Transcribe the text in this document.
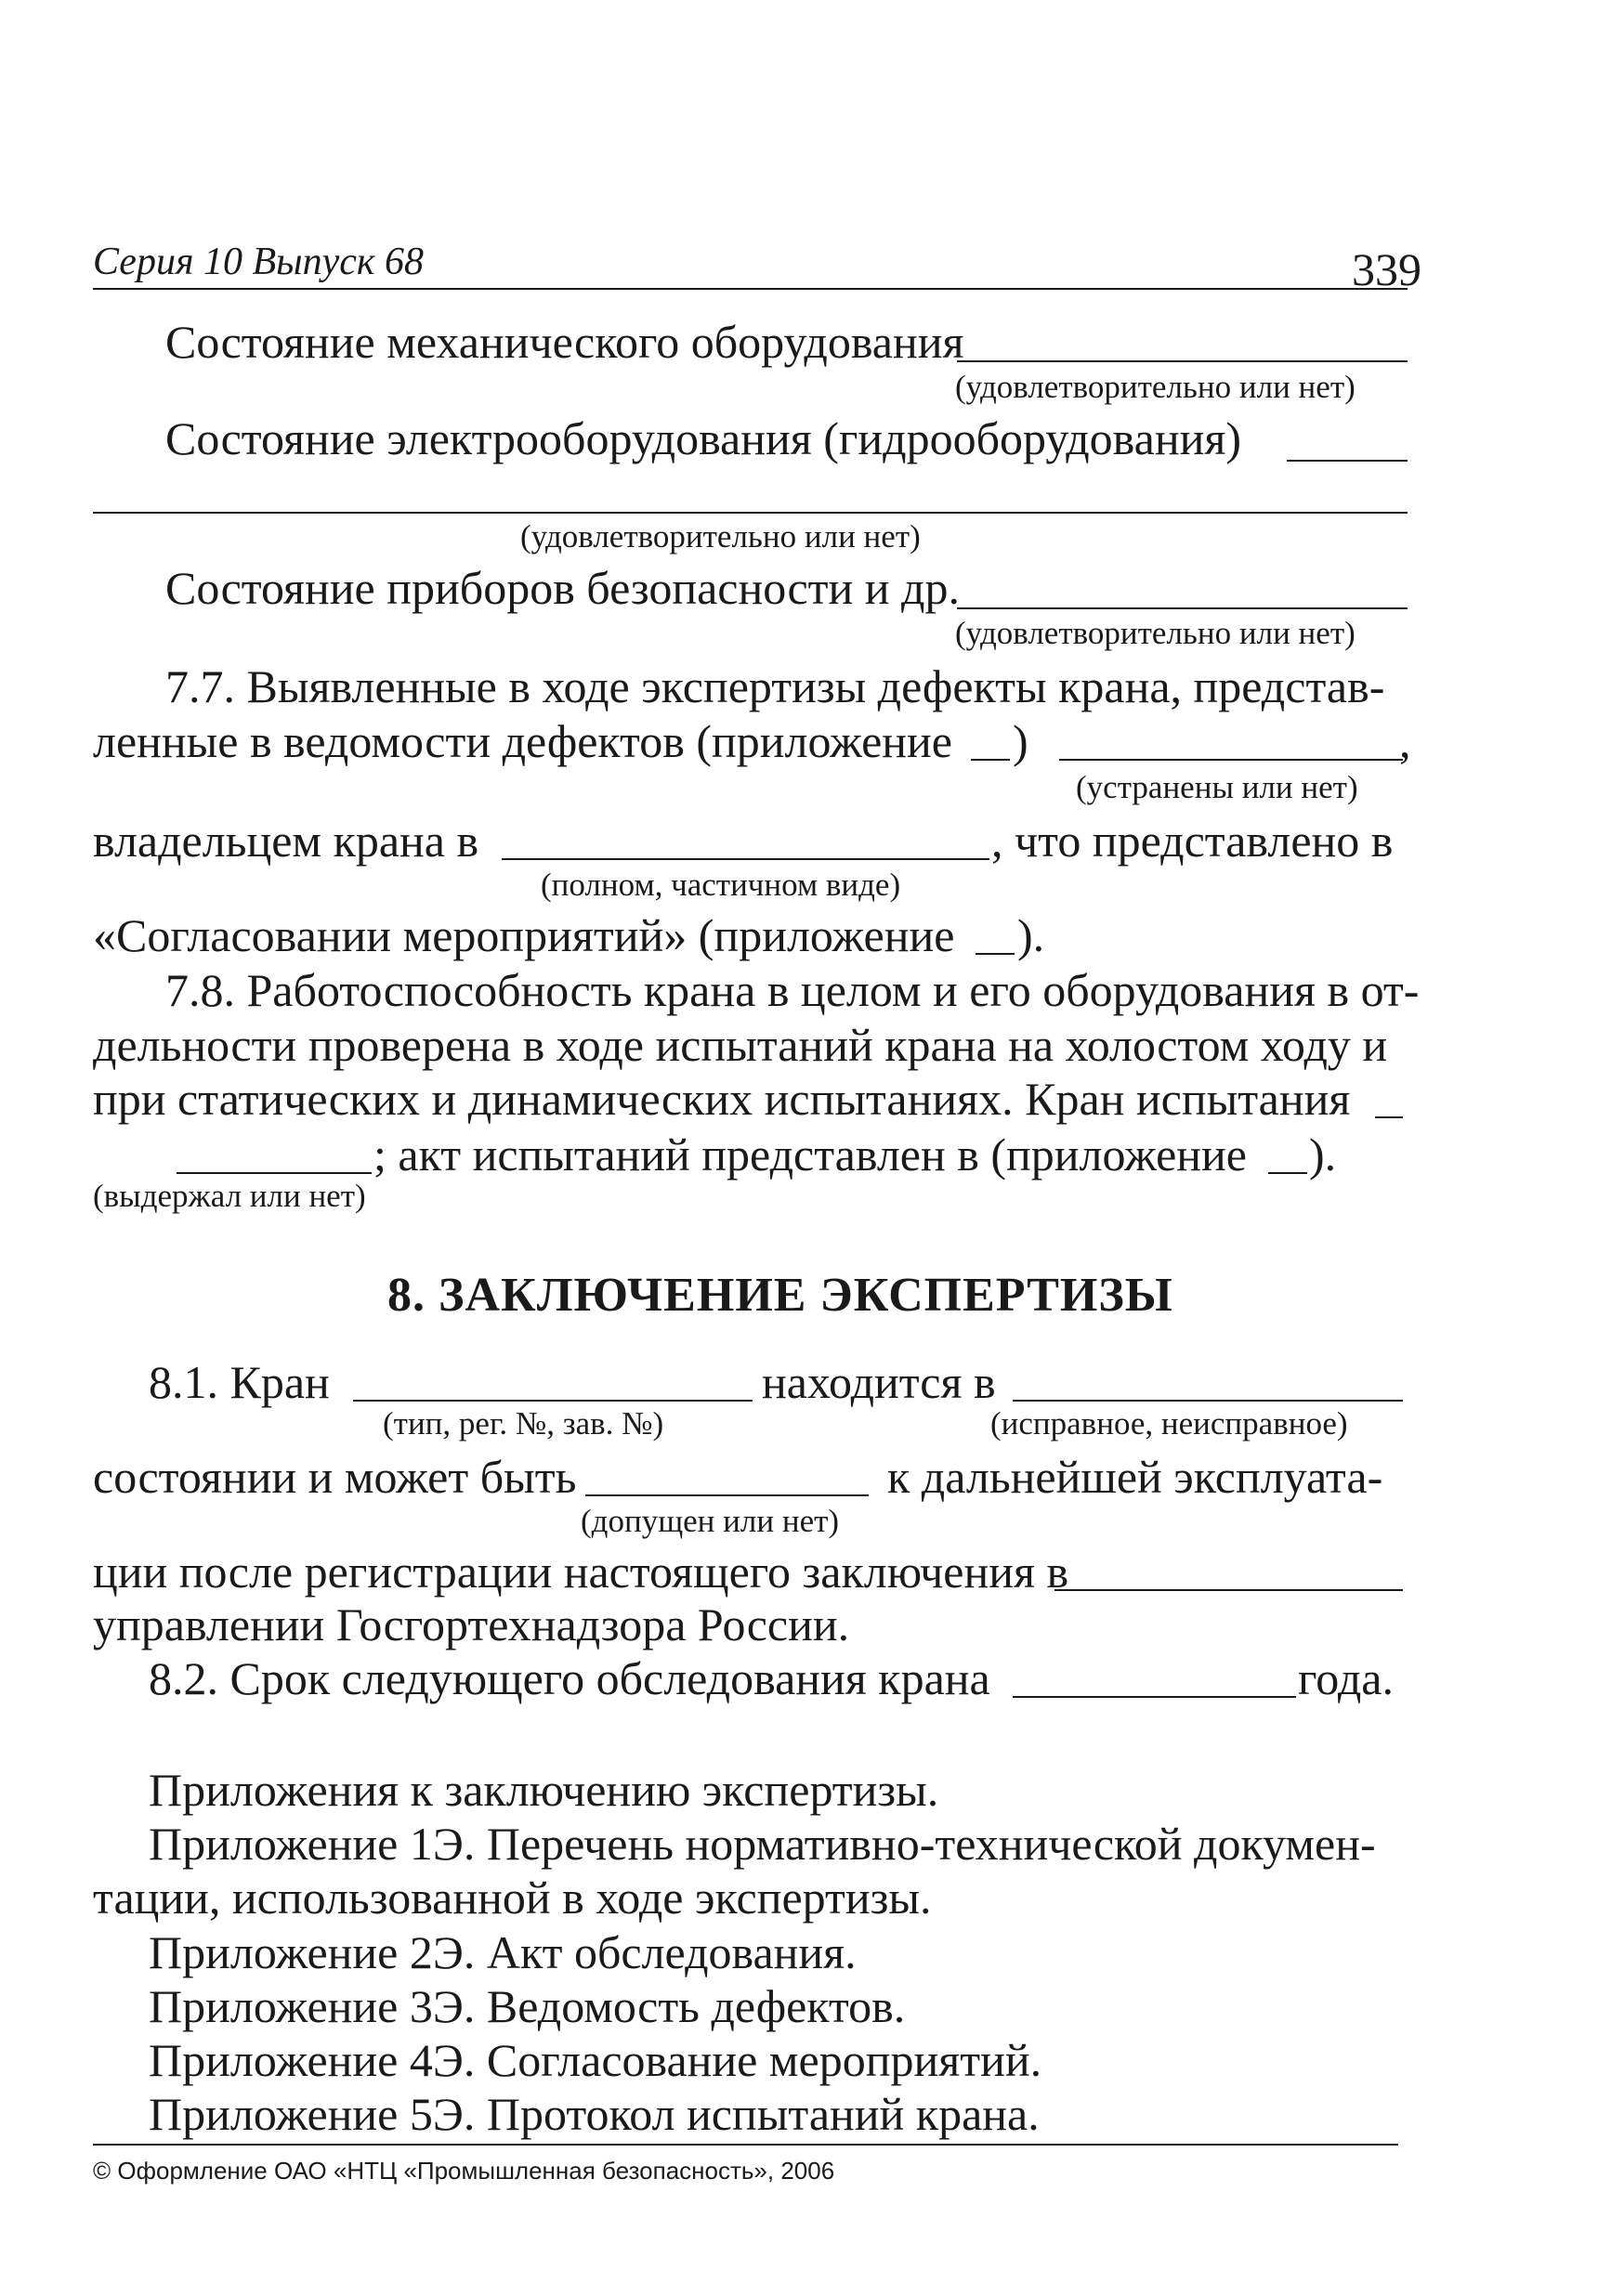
Серия 10 Выпуск 68	339
Состояние механического оборудования
(удовлетворительно или нет)
Состояние электрооборудования (гидрооборудования)
(удовлетворительно или нет)
Состояние приборов безопасности и др.
(удовлетворительно или нет)
7.7. Выявленные в ходе экспертизы дефекты крана, представ-
ленные в ведомости дефектов (приложение )	,
(устранены или нет)
владельцем крана в	, что представлено в
(полном, частичном виде)
«Согласовании мероприятий» (приложение ).
7.8. Работоспособность крана в целом и его оборудования в от-
дельности проверена в ходе испытаний крана на холостом ходу и
при статических и динамических испытаниях. Кран испытания
; акт испытаний представлен в (приложение ).
(выдержал или нет)
8. ЗАКЛЮЧЕНИЕ ЭКСПЕРТИЗЫ
8.1. Кран	находится в
(тип, рег. №, зав. №)	(исправное, неисправное)
состоянии и может быть	к дальнейшей эксплуата-
(допущен или нет)
ции после регистрации настоящего заключения в
управлении Госгортехнадзора России.
8.2. Срок следующего обследования крана	года.
Приложения к заключению экспертизы.
Приложение 1Э. Перечень нормативно-технической докумен-
тации, использованной в ходе экспертизы.
Приложение 2Э. Акт обследования.
Приложение 3Э. Ведомость дефектов.
Приложение 4Э. Согласование мероприятий.
Приложение 5Э. Протокол испытаний крана.
© Оформление ОАО «НТЦ «Промышленная безопасность», 2006
